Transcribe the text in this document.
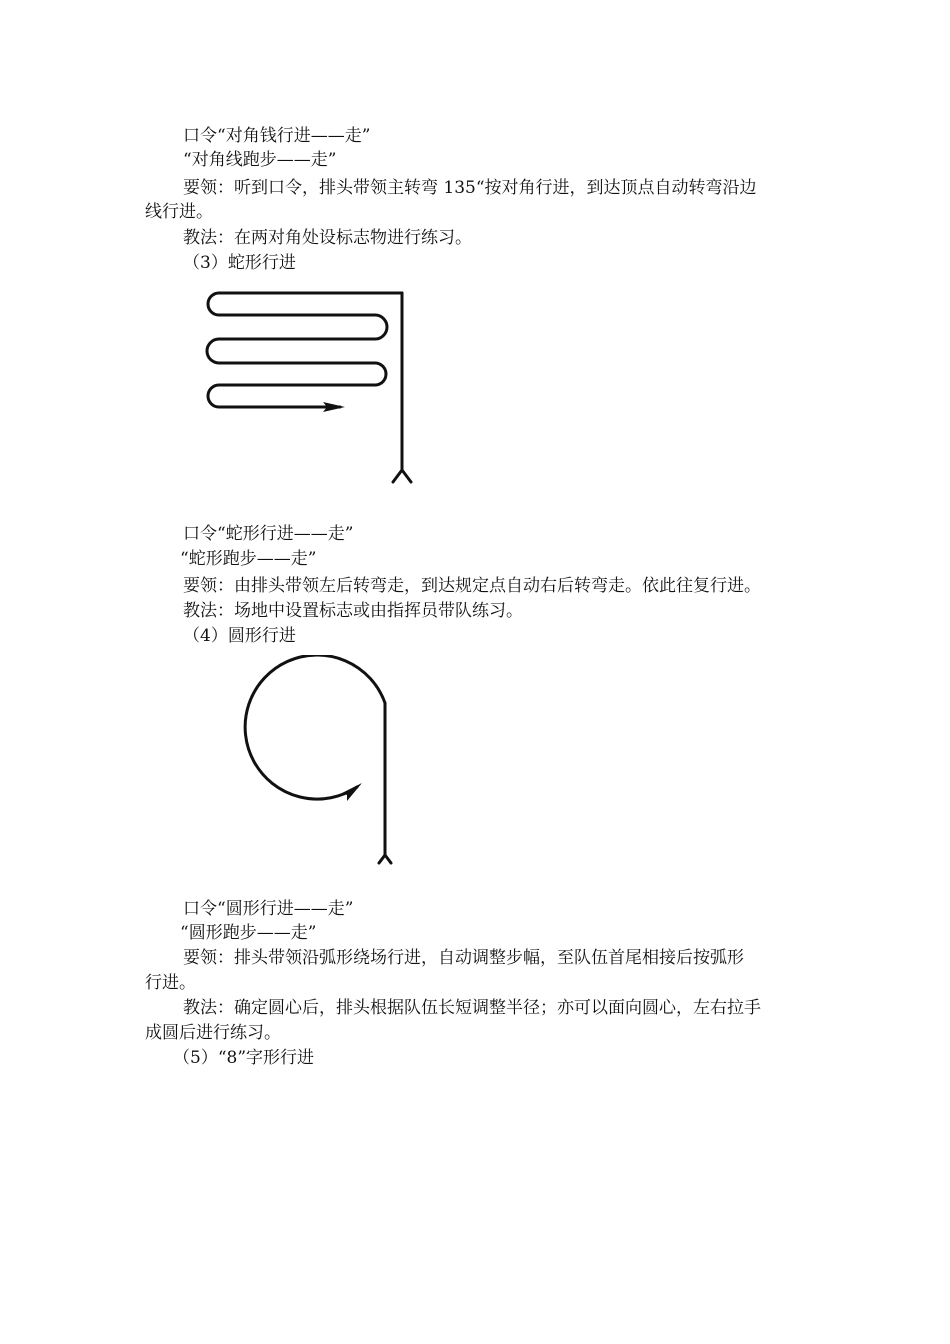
口令“对角钱行进——走”
“对角线跑步——走”
要领：听到口令，排头带领主转弯 135“按对角行进，到达顶点自动转弯沿边
线行进。
教法：在两对角处设标志物进行练习。
（3）蛇形行进
口令“蛇形行进——走”
“蛇形跑步——走”
要领：由排头带领左后转弯走，到达规定点自动右后转弯走。依此往复行进。
教法：场地中设置标志或由指挥员带队练习。
（4）圆形行进
口令“圆形行进——走”
“圆形跑步——走”
要领：排头带领沿弧形绕场行进，自动调整步幅，至队伍首尾相接后按弧形
行进。
教法：确定圆心后，排头根据队伍长短调整半径；亦可以面向圆心，左右拉手
成圆后进行练习。
（5）“8”字形行进
